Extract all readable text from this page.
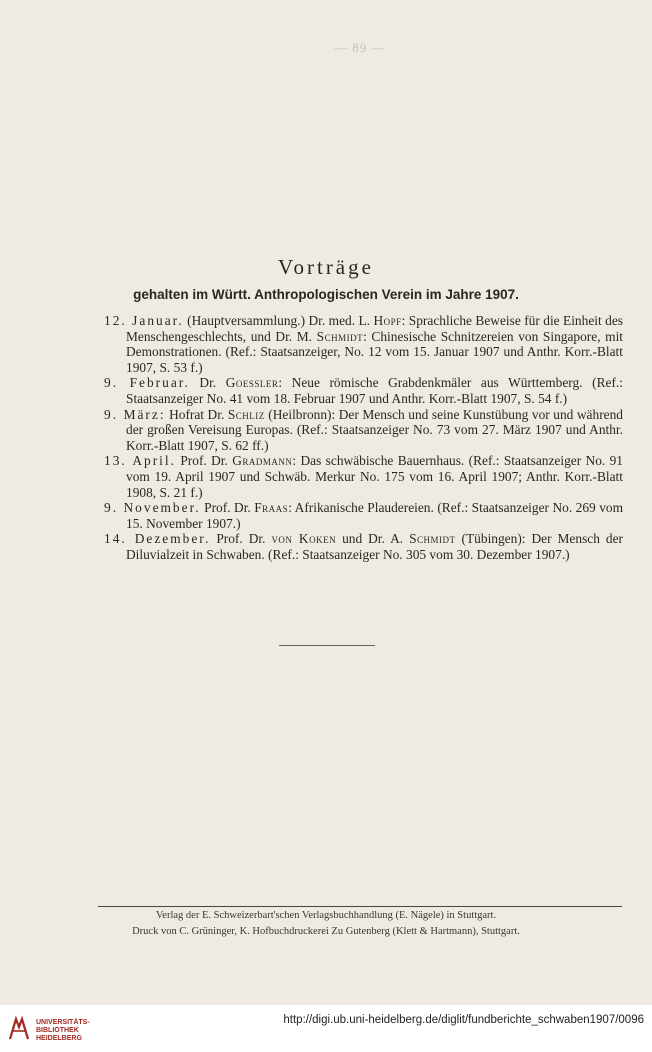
— 89 —
Vorträge
gehalten im Württ. Anthropologischen Verein im Jahre 1907.
12. Januar. (Hauptversammlung.) Dr. med. L. Hopf: Sprachliche Beweise für die Einheit des Menschengeschlechts, und Dr. M. Schmidt: Chinesische Schnitzereien von Singapore, mit Demonstrationen. (Ref.: Staatsanzeiger, No. 12 vom 15. Januar 1907 und Anthr. Korr.-Blatt 1907, S. 53 f.)
9. Februar. Dr. Goessler: Neue römische Grabdenkmäler aus Württemberg. (Ref.: Staatsanzeiger No. 41 vom 18. Februar 1907 und Anthr. Korr.-Blatt 1907, S. 54 f.)
9. März: Hofrat Dr. Schliz (Heilbronn): Der Mensch und seine Kunstübung vor und während der großen Vereisung Europas. (Ref.: Staatsanzeiger No. 73 vom 27. März 1907 und Anthr. Korr.-Blatt 1907, S. 62 ff.)
13. April. Prof. Dr. Gradmann: Das schwäbische Bauernhaus. (Ref.: Staatsanzeiger No. 91 vom 19. April 1907 und Schwäb. Merkur No. 175 vom 16. April 1907; Anthr. Korr.-Blatt 1908, S. 21 f.)
9. November. Prof. Dr. Fraas: Afrikanische Plaudereien. (Ref.: Staatsanzeiger No. 269 vom 15. November 1907.)
14. Dezember. Prof. Dr. von Koken und Dr. A. Schmidt (Tübingen): Der Mensch der Diluvialzeit in Schwaben. (Ref.: Staatsanzeiger No. 305 vom 30. Dezember 1907.)
Verlag der E. Schweizerbart'schen Verlagsbuchhandlung (E. Nägele) in Stuttgart.
Druck von C. Grüninger, K. Hofbuchdruckerei Zu Gutenberg (Klett & Hartmann), Stuttgart.
UNIVERSITÄTS-
BIBLIOTHEK
HEIDELBERG
http://digi.ub.uni-heidelberg.de/diglit/fundberichte_schwaben1907/0096
